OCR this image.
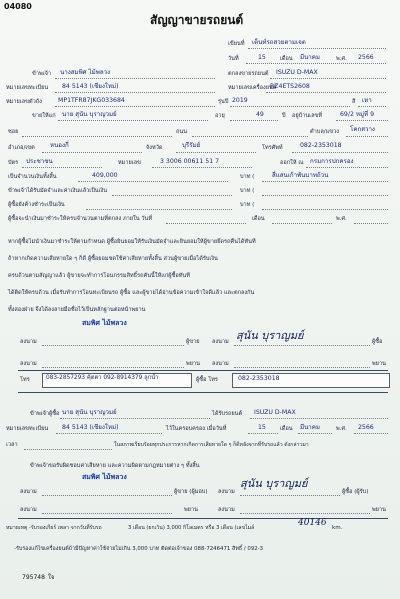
04080
สัญญาขายรถยนต์
เขียนที่ เต็นท์รถสวยตามเจต
วันที่	15	เดือน มีนาคม	พ.ศ. 2566
ข้าพเจ้า นางสมพิศ ไม้พลวง	ตกลงขายรถยนต์ ISUZU D-MAX
หมายเลขทะเบียน 84 5143 (เชียงใหม่)	หมายเลขเครื่องยนต์
RZ4ETS2608
หมายเลขตัวถัง	MP1TFR87JKG033684	รุ่นปี 2019	สี เทา
ขายให้แก่ นาย สุนัน บุราญวมย์	อายุ	49	ปี อยู่บ้านเลขที่	69/2 หมู่ที่ 9
ซอย	ถนน	ตำบล/แขวง โคกสวาง
อำเภอ/เขต หนองกี่	จังหวัด	บุรีรัมย์	โทรศัพท์	082-2353018
บัตร ประชาชน	หมายเลข	3 3006 00611 51 7	ออกให้ ณ กรมการปกครอง
เป็นจำนวนเงินทั้งสิ้น	409,000	บาท (	สี่แสนเก้าพันบาทถ้วน
ข้าพเจ้าได้รับมัดจำและค่าเงินแล้วเป็นเงิน	บาท (
ผู้ซื้อยังค้างชำระเป็นเงิน	บาท (
ผู้ซื้อจะนำเงินมาชำระให้ครบจำนวนตามที่ตกลง ภายใน วันที่	เดือน	พ.ศ.
หากผู้ซื้อไม่นำเงินมาชำระให้ตามกำหนด ผู้ซื้อยินยอมให้รับเงินมัดจำและยินยอมให้ผู้ขายยึดรถคืนได้ทันที
ถ้าหากเกิดความเสียหายใด ๆ ก็ดี ผู้ซื้อยอมชดใช้ค่าเสียหายทั้งสิ้น ส่วนผู้ขายเมื่อได้รับเงิน
ครบถ้วนตามสัญญาแล้ว ผู้ขายจะทำการโอนกรรมสิทธิ์รถคันนี้ให้แก่ผู้ซื้อทันที
ได้ติดให้ครบถ้วน เมื่อรับทำการโอนทะเบียนรถ ผู้ซื้อ และผู้ขายได้อ่านข้อความเข้าใจดีแล้ว และตกลงกัน
ทั้งสองฝ่าย จึงได้ลงลายมือชื่อไว้เป็นหลักฐานต่อหน้าพยาน
สมพิศ ไม้พลวง
ลงนาม	ผู้ขาย ลงนาม สุนัน บุราญมย์	ผู้ซื้อ
ลงนาม	พยาน ลงนาม	พยาน
โทร	083-2857293 คุ้ตตา 092-8914379 ลูกน้ำ	ผู้ซื้อ โทร	082-2353018
ข้าพเจ้าผู้ซื้อ นาย สุนัน บุราญวมย์	ได้รับรถยนต์ ISUZU D-MAX
หมายเลขทะเบียน 84 5143 (เชียงใหม่)	ไว้ในครอบครอง เมื่อวันที่	15	เดือน มีนาคม	พ.ศ. 2566
เวลา	ในสภาพเรียบร้อยทุกประการหากเกิดการเสียหายใด ๆ ก็ดีหลังจากที่รับรถแล้ว ดังกล่าวมา
ข้าพเจ้าขอรับผิดชอบค่าเสียหาย และความผิดตามกฎหมายต่าง ๆ ทั้งสิ้น
สมพิศ ไม้พลวง
ลงนาม	ผู้ขาย (ผู้มอบ) ลงนาม
สุนัน บุราญมย์
ผู้ซื้อ (ผู้รับ)
ลงนาม	พยาน	ลงนาม	พยาน
หมายเหตุ -รับรองเกียร์ เพลา จากวันที่รับรถ	3 เดือน (ยกเว้น) 3,000 กิโลเมตร หรือ 3 เดือน (เลขไมล์	40146 km.
-รับรองแก้ไขเครื่องยนต์ถ้ามีปัญหาค่าใช้จ่ายไม่เกิน 3,000 บาท ติดต่อเจ้าของ 088-7246471 สิทธิ์ / 092-3
795748 ใจ
